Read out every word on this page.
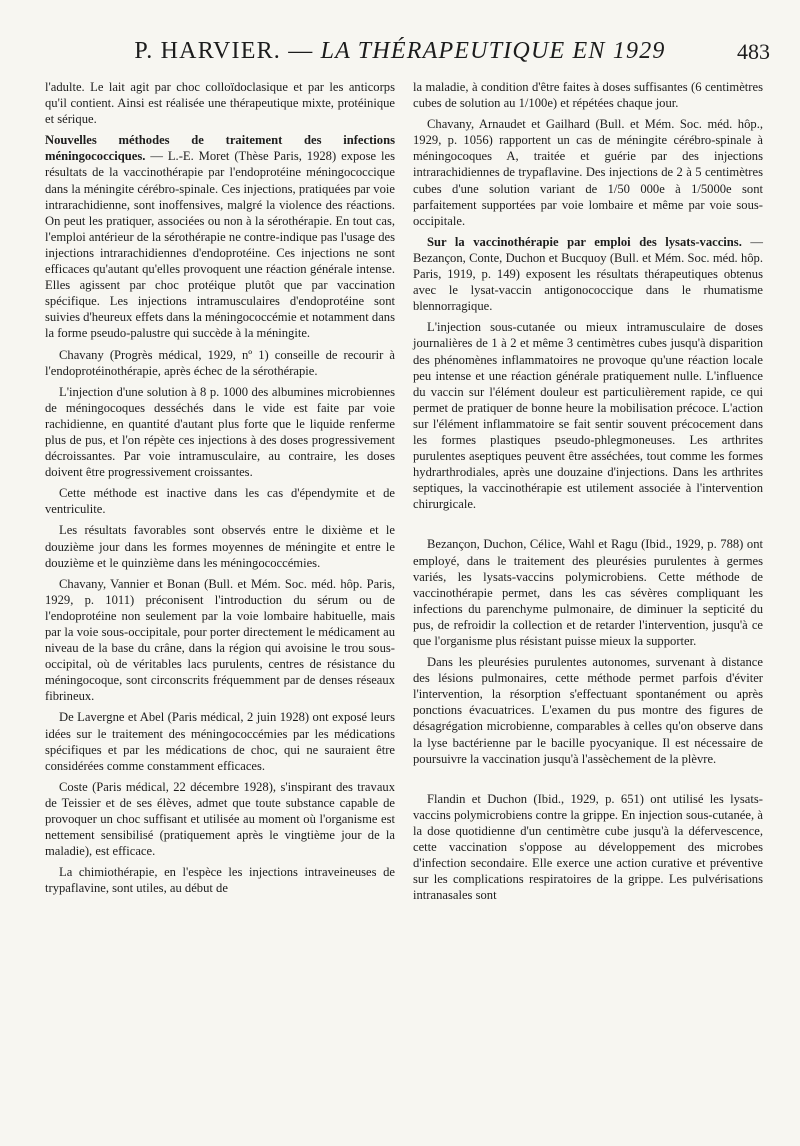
P. HARVIER. — LA THÉRAPEUTIQUE EN 1929	483

l'adulte. Le lait agit par choc colloïdoclasique et par les anticorps qu'il contient. Ainsi est réalisée une thérapeutique mixte, protéinique et sérique.

Nouvelles méthodes de traitement des infections méningococciques. — L.-E. Moret (Thèse Paris, 1928) expose les résultats de la vaccinothérapie par l'endoprotéine méningococcique dans la méningite cérébro-spinale. Ces injections, pratiquées par voie intrarachidienne, sont inoffensives, malgré la violence des réactions. On peut les pratiquer, associées ou non à la sérothérapie. En tout cas, l'emploi antérieur de la sérothérapie ne contre-indique pas l'usage des injections intrarachidiennes d'endoprotéine. Ces injections ne sont efficaces qu'autant qu'elles provoquent une réaction générale intense. Elles agissent par choc protéique plutôt que par vaccination spécifique. Les injections intramusculaires d'endoprotéine sont suivies d'heureux effets dans la méningococcémie et notamment dans la forme pseudo-palustre qui succède à la méningite.

Chavany (Progrès médical, 1929, nº 1) conseille de recourir à l'endoprotéinothérapie, après échec de la sérothérapie.

L'injection d'une solution à 8 p. 1000 des albumines microbiennes de méningocoques desséchés dans le vide est faite par voie rachidienne, en quantité d'autant plus forte que le liquide renferme plus de pus, et l'on répète ces injections à des doses progressivement décroissantes. Par voie intramusculaire, au contraire, les doses doivent être progressivement croissantes.

Cette méthode est inactive dans les cas d'épendymite et de ventriculite.

Les résultats favorables sont observés entre le dixième et le douzième jour dans les formes moyennes de méningite et entre le douzième et le quinzième dans les méningococcémies.

Chavany, Vannier et Bonan (Bull. et Mém. Soc. méd. hôp. Paris, 1929, p. 1011) préconisent l'introduction du sérum ou de l'endoprotéine non seulement par la voie lombaire habituelle, mais par la voie sous-occipitale, pour porter directement le médicament au niveau de la base du crâne, dans la région qui avoisine le trou sous-occipital, où de véritables lacs purulents, centres de résistance du méningocoque, sont circonscrits fréquemment par de denses réseaux fibrineux.

De Lavergne et Abel (Paris médical, 2 juin 1928) ont exposé leurs idées sur le traitement des méningococcémies par les médications spécifiques et par les médications de choc, qui ne sauraient être considérées comme constamment efficaces.

Coste (Paris médical, 22 décembre 1928), s'inspirant des travaux de Teissier et de ses élèves, admet que toute substance capable de provoquer un choc suffisant et utilisée au moment où l'organisme est nettement sensibilisé (pratiquement après le vingtième jour de la maladie), est efficace.

La chimiothérapie, en l'espèce les injections intraveineuses de trypaflavine, sont utiles, au début de

la maladie, à condition d'être faites à doses suffisantes (6 centimètres cubes de solution au 1/100e) et répétées chaque jour.

Chavany, Arnaudet et Gailhard (Bull. et Mém. Soc. méd. hôp., 1929, p. 1056) rapportent un cas de méningite cérébro-spinale à méningocoques A, traitée et guérie par des injections intrarachidiennes de trypaflavine. Des injections de 2 à 5 centimètres cubes d'une solution variant de 1/50 000e à 1/5000e sont parfaitement supportées par voie lombaire et même par voie sous-occipitale.

Sur la vaccinothérapie par emploi des lysats-vaccins. — Bezançon, Conte, Duchon et Bucquoy (Bull. et Mém. Soc. méd. hôp. Paris, 1919, p. 149) exposent les résultats thérapeutiques obtenus avec le lysat-vaccin antigonococcique dans le rhumatisme blennorragique.

L'injection sous-cutanée ou mieux intramusculaire de doses journalières de 1 à 2 et même 3 centimètres cubes jusqu'à disparition des phénomènes inflammatoires ne provoque qu'une réaction locale peu intense et une réaction générale pratiquement nulle. L'influence du vaccin sur l'élément douleur est particulièrement rapide, ce qui permet de pratiquer de bonne heure la mobilisation précoce. L'action sur l'élément inflammatoire se fait sentir souvent précocement dans les formes plastiques pseudo-phlegmoneuses. Les arthrites purulentes aseptiques peuvent être asséchées, tout comme les formes hydrarthrodiales, après une douzaine d'injections. Dans les arthrites septiques, la vaccinothérapie est utilement associée à l'intervention chirurgicale.

Bezançon, Duchon, Célice, Wahl et Ragu (Ibid., 1929, p. 788) ont employé, dans le traitement des pleurésies purulentes à germes variés, les lysats-vaccins polymicrobiens. Cette méthode de vaccinothérapie permet, dans les cas sévères compliquant les infections du parenchyme pulmonaire, de diminuer la septicité du pus, de refroidir la collection et de retarder l'intervention, jusqu'à ce que l'organisme plus résistant puisse mieux la supporter.

Dans les pleurésies purulentes autonomes, survenant à distance des lésions pulmonaires, cette méthode permet parfois d'éviter l'intervention, la résorption s'effectuant spontanément ou après ponctions évacuatrices. L'examen du pus montre des figures de désagrégation microbienne, comparables à celles qu'on observe dans la lyse bactérienne par le bacille pyocyanique. Il est nécessaire de poursuivre la vaccination jusqu'à l'assèchement de la plèvre.

Flandin et Duchon (Ibid., 1929, p. 651) ont utilisé les lysats-vaccins polymicrobiens contre la grippe. En injection sous-cutanée, à la dose quotidienne d'un centimètre cube jusqu'à la défervescence, cette vaccination s'oppose au développement des microbes d'infection secondaire. Elle exerce une action curative et préventive sur les complications respiratoires de la grippe. Les pulvérisations intranasales sont
